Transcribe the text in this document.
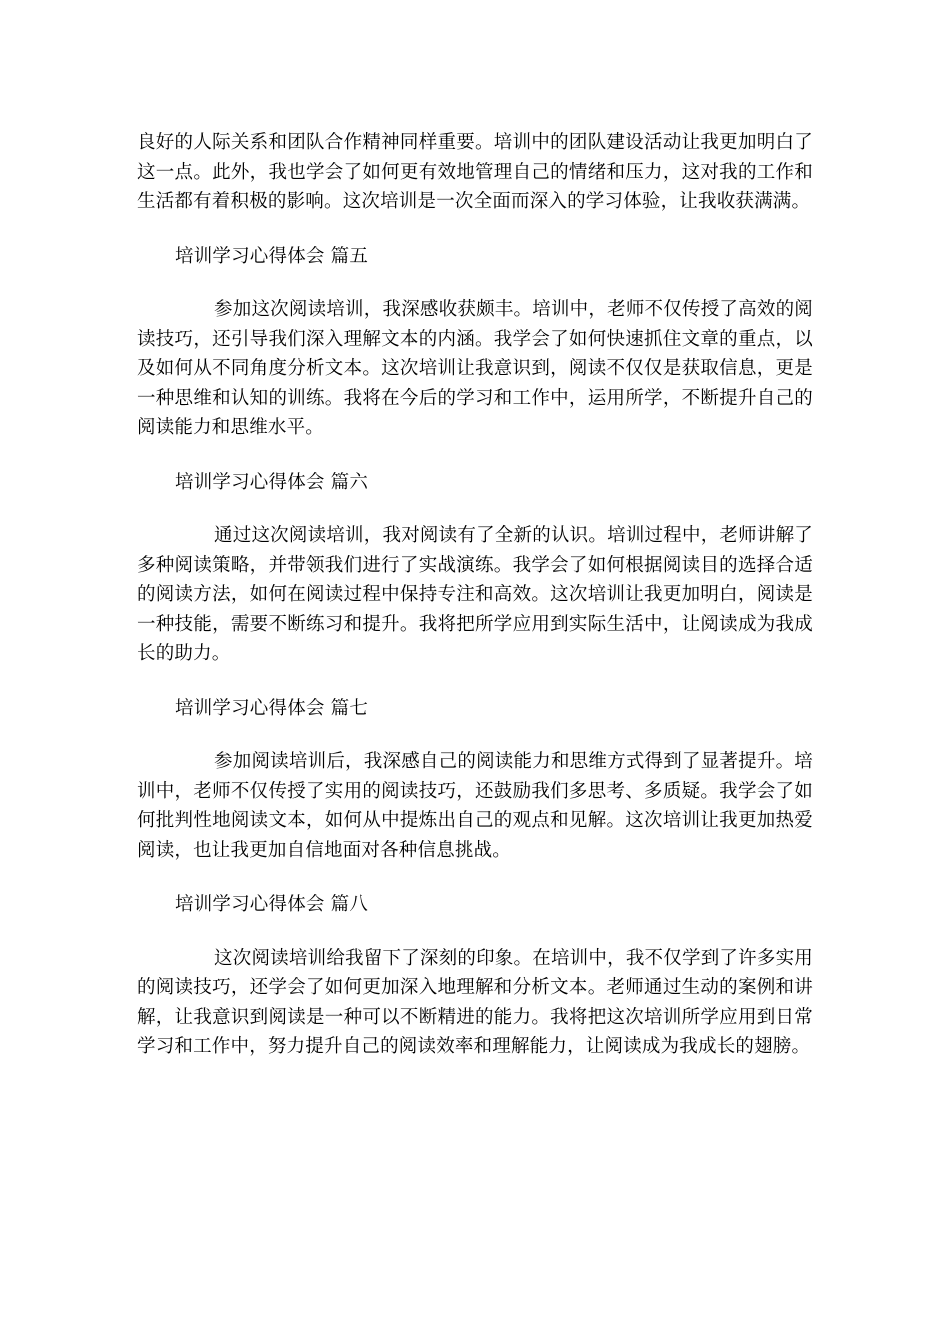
良好的人际关系和团队合作精神同样重要。培训中的团队建设活动让我更加明白了这一点。此外，我也学会了如何更有效地管理自己的情绪和压力，这对我的工作和生活都有着积极的影响。这次培训是一次全面而深入的学习体验，让我收获满满。

培训学习心得体会 篇五

参加这次阅读培训，我深感收获颇丰。培训中，老师不仅传授了高效的阅读技巧，还引导我们深入理解文本的内涵。我学会了如何快速抓住文章的重点，以及如何从不同角度分析文本。这次培训让我意识到，阅读不仅仅是获取信息，更是一种思维和认知的训练。我将在今后的学习和工作中，运用所学，不断提升自己的阅读能力和思维水平。

培训学习心得体会 篇六

通过这次阅读培训，我对阅读有了全新的认识。培训过程中，老师讲解了多种阅读策略，并带领我们进行了实战演练。我学会了如何根据阅读目的选择合适的阅读方法，如何在阅读过程中保持专注和高效。这次培训让我更加明白，阅读是一种技能，需要不断练习和提升。我将把所学应用到实际生活中，让阅读成为我成长的助力。

培训学习心得体会 篇七

参加阅读培训后，我深感自己的阅读能力和思维方式得到了显著提升。培训中，老师不仅传授了实用的阅读技巧，还鼓励我们多思考、多质疑。我学会了如何批判性地阅读文本，如何从中提炼出自己的观点和见解。这次培训让我更加热爱阅读，也让我更加自信地面对各种信息挑战。

培训学习心得体会 篇八

这次阅读培训给我留下了深刻的印象。在培训中，我不仅学到了许多实用的阅读技巧，还学会了如何更加深入地理解和分析文本。老师通过生动的案例和讲解，让我意识到阅读是一种可以不断精进的能力。我将把这次培训所学应用到日常学习和工作中，努力提升自己的阅读效率和理解能力，让阅读成为我成长的翅膀。
